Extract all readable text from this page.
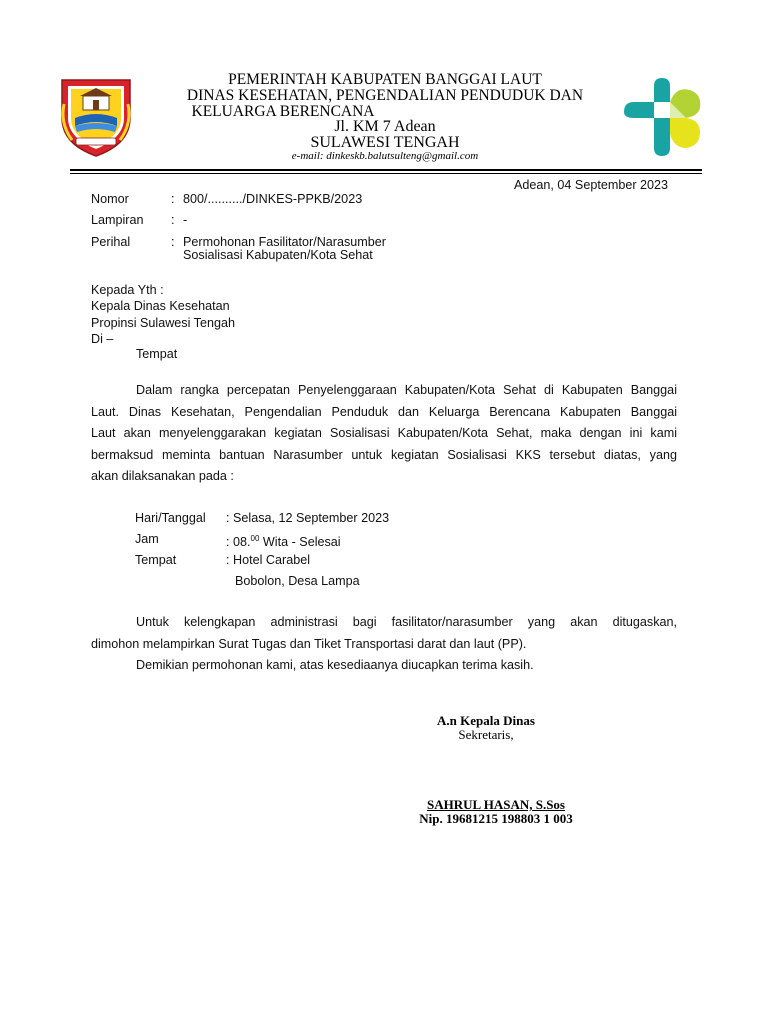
PEMERINTAH KABUPATEN BANGGAI LAUT
DINAS KESEHATAN, PENGENDALIAN PENDUDUK DAN
KELUARGA BERENCANA
Jl. KM 7 Adean
SULAWESI TENGAH
e-mail: dinkeskb.balutsulteng@gmail.com
Adean, 04 September 2023
Nomor	: 800/........../DINKES-PPKB/2023
Lampiran : -
Perihal	: Permohonan Fasilitator/Narasumber
Sosialisasi Kabupaten/Kota Sehat
Kepada Yth :
Kepala Dinas Kesehatan
Propinsi Sulawesi Tengah
Di –
Tempat
Dalam rangka percepatan Penyelenggaraan Kabupaten/Kota Sehat di Kabupaten Banggai
Laut. Dinas Kesehatan, Pengendalian Penduduk dan Keluarga Berencana Kabupaten Banggai
Laut akan menyelenggarakan kegiatan Sosialisasi Kabupaten/Kota Sehat, maka dengan ini kami
bermaksud meminta bantuan Narasumber untuk kegiatan Sosialisasi KKS tersebut diatas, yang
akan dilaksanakan pada :
Hari/Tanggal : Selasa, 12 September 2023
Jam	: 08.00 Wita - Selesai
Tempat	: Hotel Carabel
Bobolon, Desa Lampa
Untuk kelengkapan administrasi bagi fasilitator/narasumber yang akan ditugaskan,
dimohon melampirkan Surat Tugas dan Tiket Transportasi darat dan laut (PP).
Demikian permohonan kami, atas kesediaanya diucapkan terima kasih.
A.n Kepala Dinas
Sekretaris,
SAHRUL HASAN, S.Sos
Nip. 19681215 198803 1 003
